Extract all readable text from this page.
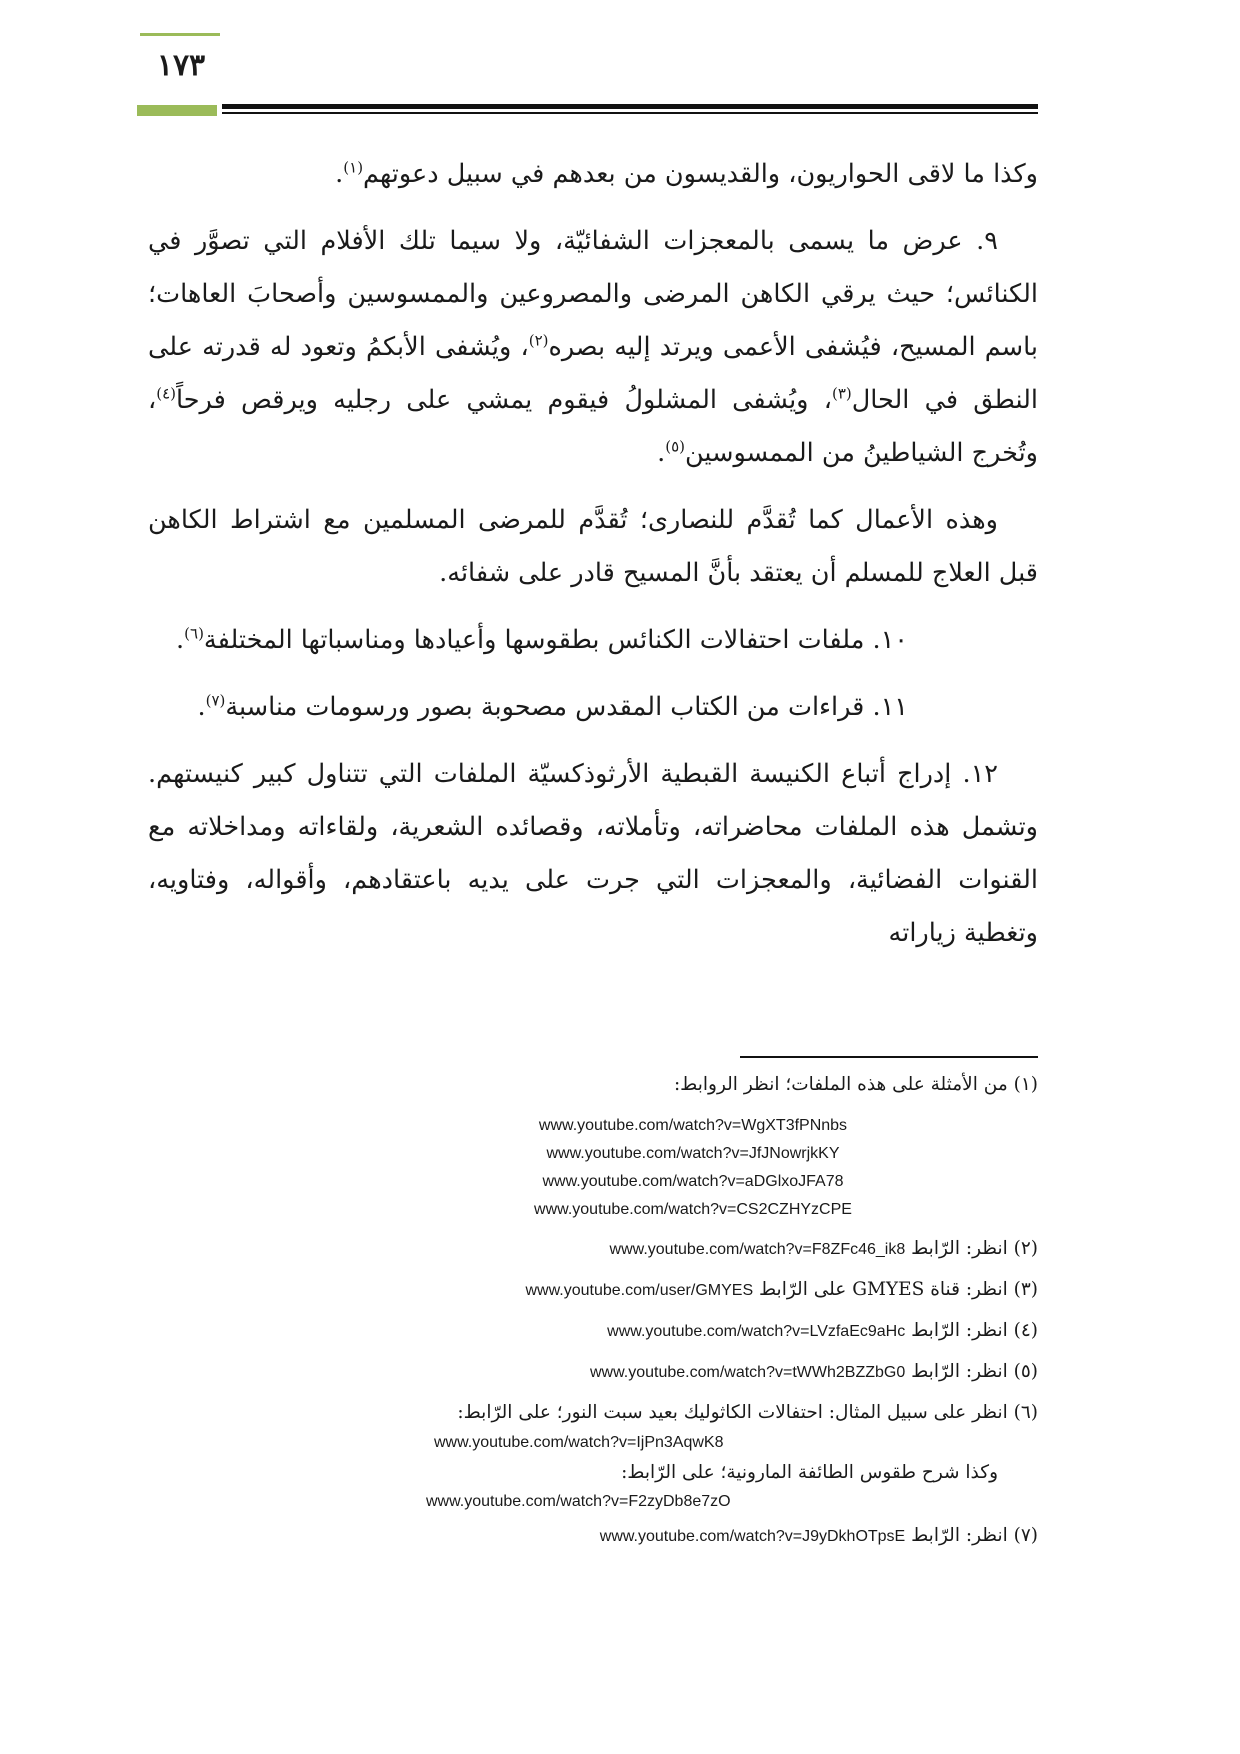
١٧٣

وكذا ما لاقى الحواريون، والقديسون من بعدهم في سبيل دعوتهم$^{(١)}$.

٩. عرض ما يسمى بالمعجزات الشفائيّة، ولا سيما تلك الأفلام التي تصوَّر في الكنائس؛ حيث يرقي الكاهن المرضى والمصروعين والممسوسين وأصحابَ العاهات؛ باسم المسيح، فيُشفى الأعمى ويرتد إليه بصره$^{(٢)}$، ويُشفى الأبكمُ وتعود له قدرته على النطق في الحال$^{(٣)}$، ويُشفى المشلولُ فيقوم يمشي على رجليه ويرقص فرحاً$^{(٤)}$، وتُخرج الشياطينُ من الممسوسين$^{(٥)}$.

وهذه الأعمال كما تُقدَّم للنصارى؛ تُقدَّم للمرضى المسلمين مع اشتراط الكاهن قبل العلاج للمسلم أن يعتقد بأنَّ المسيح قادر على شفائه.

١٠. ملفات احتفالات الكنائس بطقوسها وأعيادها ومناسباتها المختلفة$^{(٦)}$.

١١. قراءات من الكتاب المقدس مصحوبة بصور ورسومات مناسبة$^{(٧)}$.

١٢. إدراج أتباع الكنيسة القبطية الأرثوذكسيّة الملفات التي تتناول كبير كنيستهم. وتشمل هذه الملفات محاضراته، وتأملاته، وقصائده الشعرية، ولقاءاته ومداخلاته مع القنوات الفضائية، والمعجزات التي جرت على يديه باعتقادهم، وأقواله، وفتاويه، وتغطية زياراته

(١) من الأمثلة على هذه الملفات؛ انظر الروابط:
www.youtube.com/watch?v=WgXT3fPNnbs
www.youtube.com/watch?v=JfJNowrjkKY
www.youtube.com/watch?v=aDGlxoJFA78
www.youtube.com/watch?v=CS2CZHYzCPE
(٢) انظر: الرّابط www.youtube.com/watch?v=F8ZFc46_ik8
(٣) انظر: قناة GMYES على الرّابط www.youtube.com/user/GMYES
(٤) انظر: الرّابط www.youtube.com/watch?v=LVzfaEc9aHc
(٥) انظر: الرّابط www.youtube.com/watch?v=tWWh2BZZbG0
(٦) انظر على سبيل المثال: احتفالات الكاثوليك بعيد سبت النور؛ على الرّابط:
www.youtube.com/watch?v=IjPn3AqwK8
وكذا شرح طقوس الطائفة المارونية؛ على الرّابط:
www.youtube.com/watch?v=F2zyDb8e7zO
(٧) انظر: الرّابط www.youtube.com/watch?v=J9yDkhOTpsE
